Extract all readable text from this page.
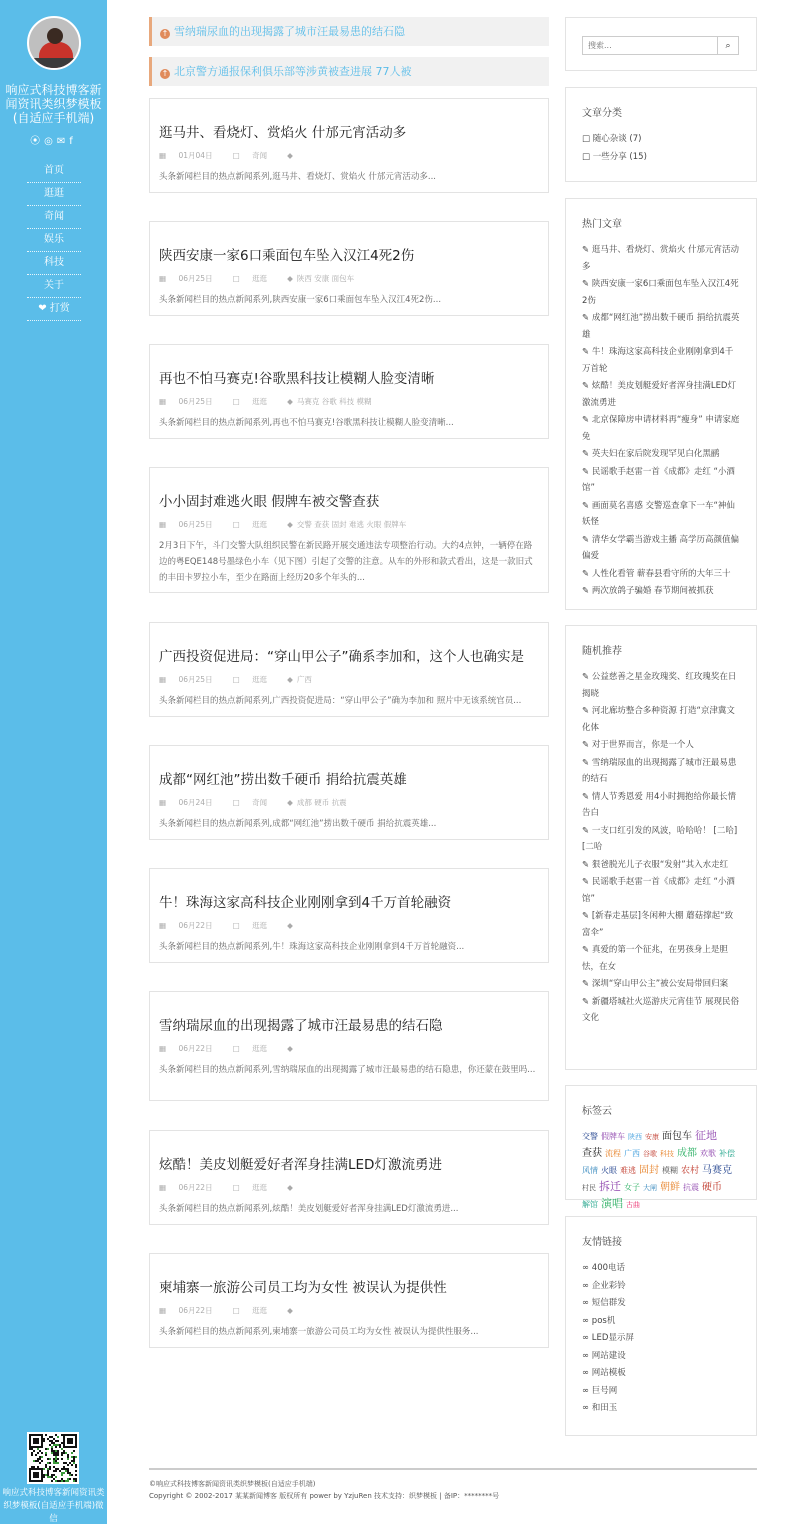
响应式科技博客新闻资讯类织梦模板(自适应手机端)
⦿◎✉f
首页
逛逛
奇闻
娱乐
科技
关于
❤ 打赏
响应式科技博客新闻资讯类织梦模板(自适应手机端)微信
↑ 雪纳瑞尿血的出现揭露了城市汪最易患的结石隐
↑ 北京警方通报保利俱乐部等涉黄被查进展 77人被
逛马井、看烧灯、赏焰火 什邡元宵活动多
▦ 01月04日	□ 奇闻	◆

头条新闻栏目的热点新闻系列,逛马井、看烧灯、赏焰火 什邡元宵活动多...

陕西安康一家6口乘面包车坠入汉江4死2伤
▦ 06月25日	□ 逛逛	◆ 陕西 安康 面包车

头条新闻栏目的热点新闻系列,陕西安康一家6口乘面包车坠入汉江4死2伤...

再也不怕马赛克!谷歌黑科技让模糊人脸变清晰
▦ 06月25日	□ 逛逛	◆ 马赛克 谷歌 科技 模糊

头条新闻栏目的热点新闻系列,再也不怕马赛克!谷歌黑科技让模糊人脸变清晰...

小小固封难逃火眼 假牌车被交警查获
▦ 06月25日	□ 逛逛	◆ 交警 查获 固封 难逃 火眼 假牌车

2月3日下午，斗门交警大队组织民警在新民路开展交通违法专项整治行动。大约4点钟，一辆停在路边的粤EQE148号墨绿色小车（见下图）引起了交警的注意。从车的外形和款式看出，这是一款旧式的丰田卡罗拉小车，至少在路面上经历20多个年头的...

广西投资促进局：“穿山甲公子”确系李加和，这个人也确实是
▦ 06月25日	□ 逛逛	◆ 广西

头条新闻栏目的热点新闻系列,广西投资促进局：“穿山甲公子”确为李加和 照片中无该系统官员...

成都“网红池”捞出数千硬币 捐给抗震英雄
▦ 06月24日	□ 奇闻	◆ 成都 硬币 抗震

头条新闻栏目的热点新闻系列,成都“网红池”捞出数千硬币 捐给抗震英雄...

牛！珠海这家高科技企业刚刚拿到4千万首轮融资
▦ 06月22日	□ 逛逛	◆

头条新闻栏目的热点新闻系列,牛！珠海这家高科技企业刚刚拿到4千万首轮融资...

雪纳瑞尿血的出现揭露了城市汪最易患的结石隐
▦ 06月22日	□ 逛逛	◆

头条新闻栏目的热点新闻系列,雪纳瑞尿血的出现揭露了城市汪最易患的结石隐患，你还蒙在鼓里吗...

炫酷！美皮划艇爱好者浑身挂满LED灯激流勇进
▦ 06月22日	□ 逛逛	◆

头条新闻栏目的热点新闻系列,炫酷！美皮划艇爱好者浑身挂满LED灯激流勇进...

柬埔寨一旅游公司员工均为女性 被误认为提供性
▦ 06月22日	□ 逛逛	◆

头条新闻栏目的热点新闻系列,柬埔寨一旅游公司员工均为女性 被误认为提供性服务...

搜索...
⌕
文章分类
□ 随心杂谈 (7)
□ 一些分享 (15)
热门文章
✎ 逛马井、看烧灯、赏焰火 什邡元宵活动多
✎ 陕西安康一家6口乘面包车坠入汉江4死2伤
✎ 成都“网红池”捞出数千硬币 捐给抗震英雄
✎ 牛！珠海这家高科技企业刚刚拿到4千万首轮
✎ 炫酷！美皮划艇爱好者浑身挂满LED灯激流勇进
✎ 北京保障房申请材料再“瘦身” 申请家庭免
✎ 英夫妇在家后院发现罕见白化黑鹂
✎ 民谣歌手赵雷一首《成都》走红 “小酒馆”
✎ 画面莫名喜感 交警巡查拿下一车“神仙妖怪
✎ 清华女学霸当游戏主播 高学历高颜值偏偏爱
✎ 人性化看管 蕲春县看守所的大年三十
✎ 两次放鸽子骗婚 春节期间被抓获
随机推荐
✎ 公益慈善之星金玫瑰奖、红玫瑰奖在日揭晓
✎ 河北廊坊整合多种资源 打造“京津冀文化体
✎ 对于世界而言，你是一个人
✎ 雪纳瑞尿血的出现揭露了城市汪最易患的结石
✎ 情人节秀恩爱 用4小时拥抱给你最长情告白
✎ 一支口红引发的风波，哈哈哈！ [二哈][二哈
✎ 狠爸脱光儿子衣服“发射”其入水走红
✎ 民谣歌手赵雷一首《成都》走红 “小酒馆”
✎ [新春走基层]冬闲种大棚 蘑菇撑起“致富伞”
✎ 真爱的第一个征兆，在男孩身上是胆怯，在女
✎ 深圳“穿山甲公主”被公安局带回归案
✎ 新疆塔城社火巡游庆元宵佳节 展现民俗文化
标签云
交警 假牌车 陕西 安康 面包车 征地查获 流程 广西 谷歌 科技 成都 欢歌 补偿风情 火眼 难逃 固封 模糊 农村 马赛克村民 拆迁 女子 大闸 朝鲜 抗震 硬币解馆 演唱 古曲
友情链接
∞ 400电话
∞ 企业彩铃
∞ 短信群发
∞ pos机
∞ LED显示屏
∞ 网站建设
∞ 网站模板
∞ 巨号网
∞ 和田玉

©响应式科技博客新闻资讯类织梦模板(自适应手机端)

Copyright © 2002-2017 某某新闻博客 版权所有 power by YzjuRen 技术支持：织梦模板 | 备IP：********号
